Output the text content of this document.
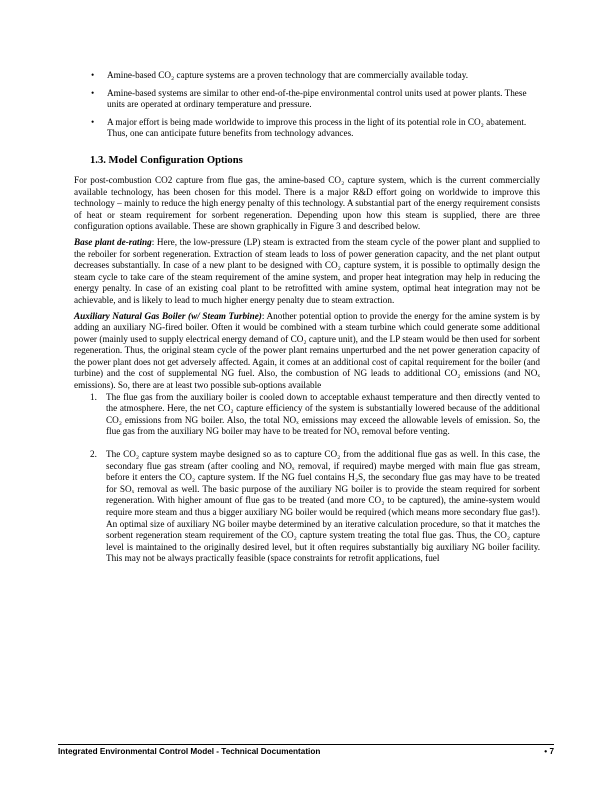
• Amine-based CO₂ capture systems are a proven technology that are commercially available today.
• Amine-based systems are similar to other end-of-the-pipe environmental control units used at power plants. These units are operated at ordinary temperature and pressure.
• A major effort is being made worldwide to improve this process in the light of its potential role in CO₂ abatement. Thus, one can anticipate future benefits from technology advances.
1.3. Model Configuration Options

For post-combustion CO2 capture from flue gas, the amine-based CO₂ capture system, which is the current commercially available technology, has been chosen for this model. There is a major R&D effort going on worldwide to improve this technology – mainly to reduce the high energy penalty of this technology. A substantial part of the energy requirement consists of heat or steam requirement for sorbent regeneration. Depending upon how this steam is supplied, there are three configuration options available. These are shown graphically in Figure 3 and described below.

Base plant de-rating: Here, the low-pressure (LP) steam is extracted from the steam cycle of the power plant and supplied to the reboiler for sorbent regeneration. Extraction of steam leads to loss of power generation capacity, and the net plant output decreases substantially. In case of a new plant to be designed with CO₂ capture system, it is possible to optimally design the steam cycle to take care of the steam requirement of the amine system, and proper heat integration may help in reducing the energy penalty. In case of an existing coal plant to be retrofitted with amine system, optimal heat integration may not be achievable, and is likely to lead to much higher energy penalty due to steam extraction.

Auxiliary Natural Gas Boiler (w/ Steam Turbine): Another potential option to provide the energy for the amine system is by adding an auxiliary NG-fired boiler. Often it would be combined with a steam turbine which could generate some additional power (mainly used to supply electrical energy demand of CO₂ capture unit), and the LP steam would be then used for sorbent regeneration. Thus, the original steam cycle of the power plant remains unperturbed and the net power generation capacity of the power plant does not get adversely affected. Again, it comes at an additional cost of capital requirement for the boiler (and turbine) and the cost of supplemental NG fuel. Also, the combustion of NG leads to additional CO₂ emissions (and NOₓ emissions). So, there are at least two possible sub-options available

1. The flue gas from the auxiliary boiler is cooled down to acceptable exhaust temperature and then directly vented to the atmosphere. Here, the net CO₂ capture efficiency of the system is substantially lowered because of the additional CO₂ emissions from NG boiler. Also, the total NOₓ emissions may exceed the allowable levels of emission. So, the flue gas from the auxiliary NG boiler may have to be treated for NOₓ removal before venting.
2. The CO₂ capture system maybe designed so as to capture CO₂ from the additional flue gas as well. In this case, the secondary flue gas stream (after cooling and NOₓ removal, if required) maybe merged with main flue gas stream, before it enters the CO₂ capture system. If the NG fuel contains H₂S, the secondary flue gas may have to be treated for SOₓ removal as well. The basic purpose of the auxiliary NG boiler is to provide the steam required for sorbent regeneration. With higher amount of flue gas to be treated (and more CO₂ to be captured), the amine-system would require more steam and thus a bigger auxiliary NG boiler would be required (which means more secondary flue gas!). An optimal size of auxiliary NG boiler maybe determined by an iterative calculation procedure, so that it matches the sorbent regeneration steam requirement of the CO₂ capture system treating the total flue gas. Thus, the CO₂ capture level is maintained to the originally desired level, but it often requires substantially big auxiliary NG boiler facility. This may not be always practically feasible (space constraints for retrofit applications, fuel
Integrated Environmental Control Model - Technical Documentation	• 7
